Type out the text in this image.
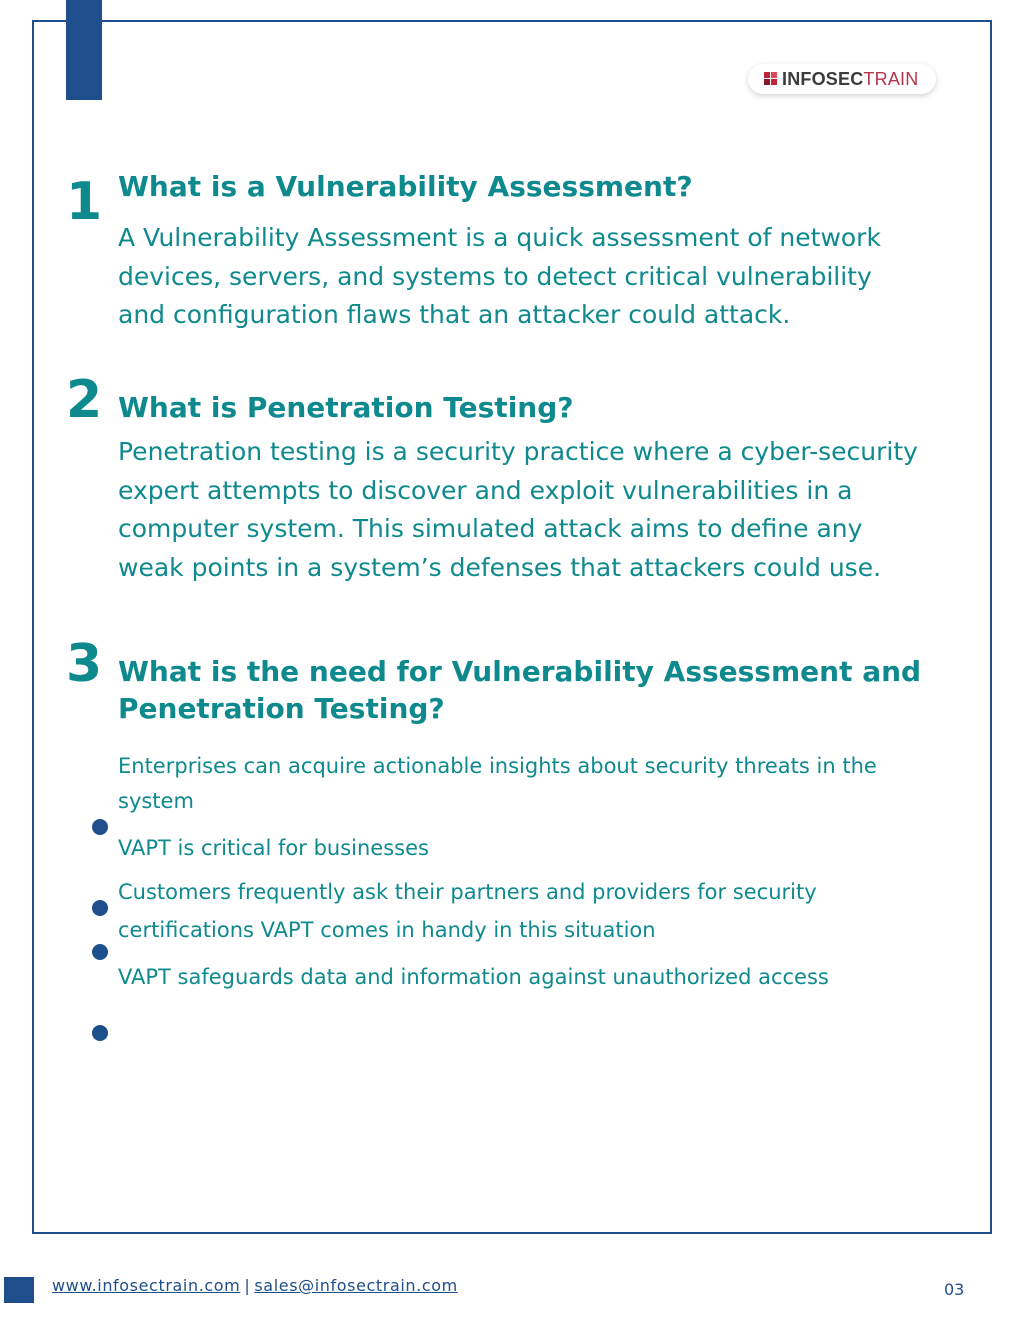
INFOSECTRAIN
1 What is a Vulnerability Assessment?
A Vulnerability Assessment is a quick assessment of network devices, servers, and systems to detect critical vulnerability and configuration flaws that an attacker could attack.
2 What is Penetration Testing?
Penetration testing is a security practice where a cyber-security expert attempts to discover and exploit vulnerabilities in a computer system. This simulated attack aims to define any weak points in a system’s defenses that attackers could use.
3 What is the need for Vulnerability Assessment and Penetration Testing?
Enterprises can acquire actionable insights about security threats in the system
VAPT is critical for businesses
Customers frequently ask their partners and providers for security certifications VAPT comes in handy in this situation
VAPT safeguards data and information against unauthorized access
www.infosectrain.com | sales@infosectrain.com	03
